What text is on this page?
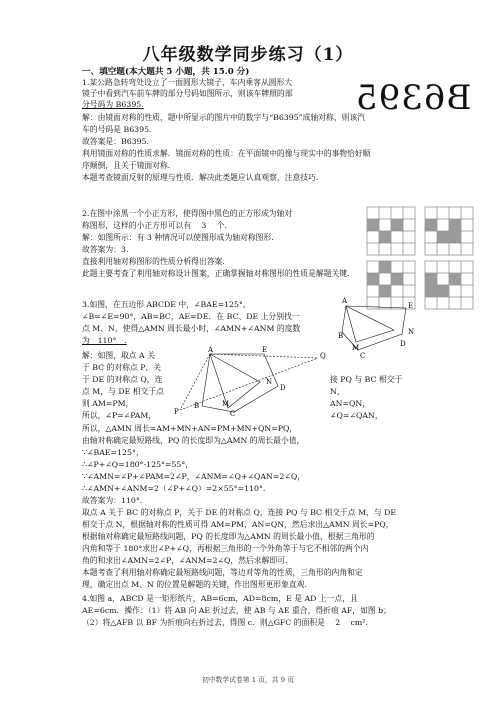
八年级数学同步练习（1）
一、填空题(本大题共 5 小题，共 15.0 分)
B6395
1.某公路急转弯处设立了一面圆形大镜子，车内乘客从圆形大
镜子中看到汽车前车牌的部分号码如图所示，则该车牌照的部
分号码为 B6395.
解：由镜面对称的性质，题中所显示的图片中的数字与“B6395”成轴对称，则该汽
车的号码是 B6395.
故答案是：B6395.
利用镜面对称的性质求解．镜面对称的性质：在平面镜中的像与现实中的事物恰好顺
序颠倒，且关于镜面对称.
本题考查镜面反射的原理与性质．解决此类题应认真观察，注意技巧.
2.在图中涂黑一个小正方形，使得图中黑色的正方形成为轴对
称图形，这样的小正方形可以有　 3 　个.
解：如图所示：有 3 种情况可以使图形成为轴对称图形.
故答案为：3.
直接利用轴对称图形的性质分析得出答案.
此题主要考查了利用轴对称设计图案，正确掌握轴对称图形的性质是解题关键.
3.如图，在五边形 ABCDE 中，∠BAE=125°，
∠B=∠E=90°，AB=BC，AE=DE．在 BC、DE 上分别找一
点 M、N，使得△AMN 周长最小时，∠AMN+∠ANM 的度数
为　110°　.
解：如图，取点 A 关
于 BC 的对称点 P，关
于 DE 的对称点 Q，连
点 M，与 DE 相交于点
则 AM=PM，
所以，∠P=∠PAM，
接 PQ 与 BC 相交于
N，
AN=QN，
∠Q=∠QAN，
A
E
B
M
C
N
D
A	E
B
C
M
N
D
P
Q
所以，△AMN 周长=AM+MN+AN=PM+MN+QN=PQ，
由轴对称确定最短路线，PQ 的长度即为△AMN 的周长最小值，
∵∠BAE=125°，
∴∠P+∠Q=180°-125°=55°，
∵∠AMN=∠P+∠PAM=2∠P，∠ANM=∠Q+∠QAN=2∠Q，
∴∠AMN+∠ANM=2（∠P+∠Q）=2×55°=110°.
故答案为：110°.
取点 A 关于 BC 的对称点 P，关于 DE 的对称点 Q，连接 PQ 与 BC 相交于点 M，与 DE
相交于点 N，根据轴对称的性质可得 AM=PM，AN=QN，然后求出△AMN 周长=PQ，
根据轴对称确定最短路线问题，PQ 的长度即为△AMN 的周长最小值，根据三角形的
内角和等于 180°求出∠P+∠Q，再根据三角形的一个外角等于与它不相邻的两个内
角的和求出∠AMN=2∠P，∠ANM=2∠Q，然后求解即可.
本题考查了利用轴对称确定最短路线问题，等边对等角的性质，三角形的内角和定
理，确定出点 M、N 的位置是解题的关键，作出图形更形象直观.
4.如图 a，ABCD 是一矩形纸片，AB=6cm，AD=8cm，E 是 AD 上一点，且
AE=6cm．操作：（1）将 AB 向 AE 折过去，使 AB 与 AE 重合，得折痕 AF，如图 b；
（2）将△AFB 以 BF 为折痕向右折过去，得图 c．则△GFC 的面积是　 2 　cm².
初中数学试卷第 1 页，共 9 页
